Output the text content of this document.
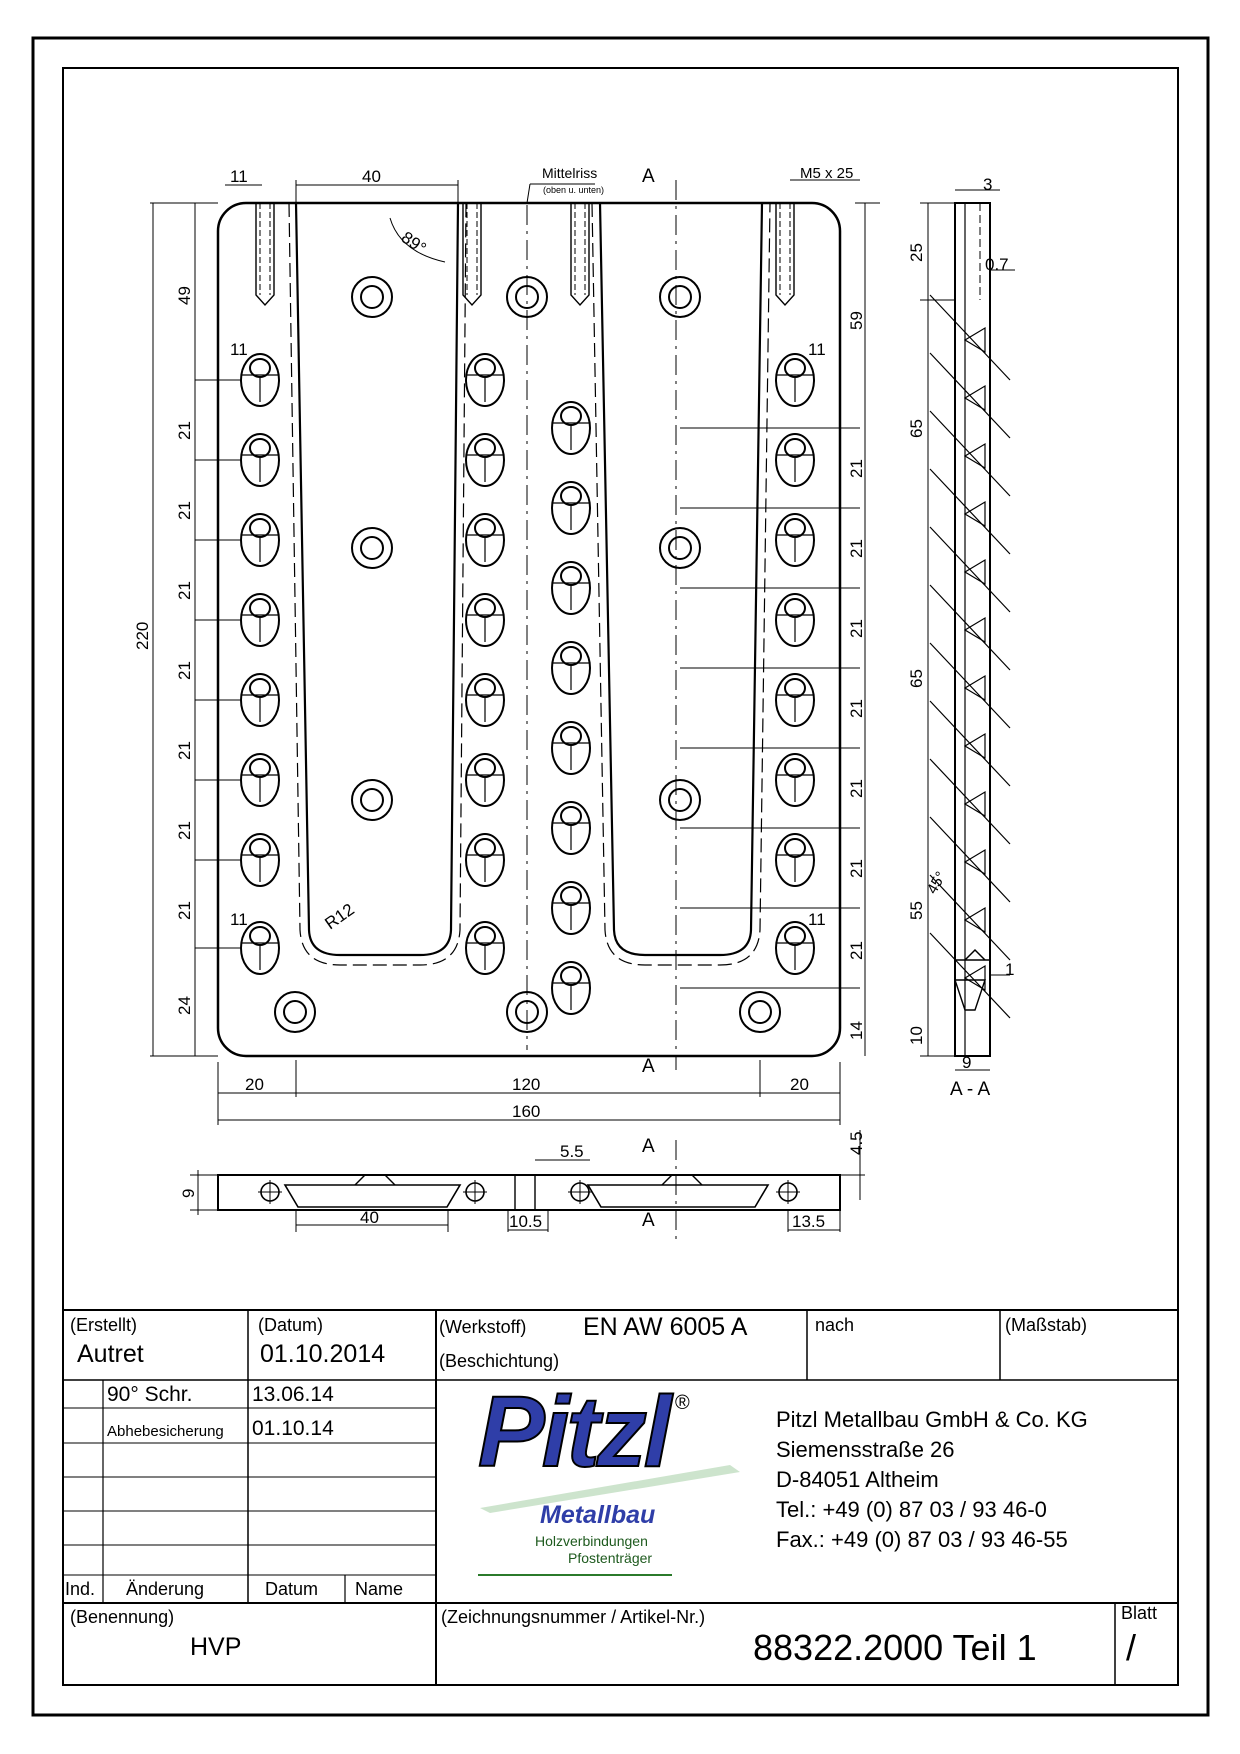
11	40
89°
Mittelriss
(oben u. unten)
M5 x 25
A
A
49
220
21
21
21
21
21
21
21
24
59
21
21
21
21
21
21
21
14
11	11
11	11
R12
20	120	20
160
3
0.7
25
65
65
55
45°
1
10
9
A - A
9
5.5	4.5
40	10.5	13.5
A
A
(Erstellt)
Autret
(Datum)
01.10.2014
(Werkstoff) EN AW 6005 A	nach	(Maßstab)
(Beschichtung)
90° Schr.	13.06.14
Abhebesicherung 01.10.14
Ind. Änderung	Datum Name
Pitzl ®
Metallbau
Holzverbindungen
Pfostenträger
Pitzl Metallbau GmbH & Co. KG
Siemensstraße 26
D-84051 Altheim
Tel.: +49 (0) 87 03 / 93 46-0
Fax.: +49 (0) 87 03 / 93 46-55
(Benennung)
HVP
(Zeichnungsnummer / Artikel-Nr.)
88322.2000 Teil 1
Blatt
/
